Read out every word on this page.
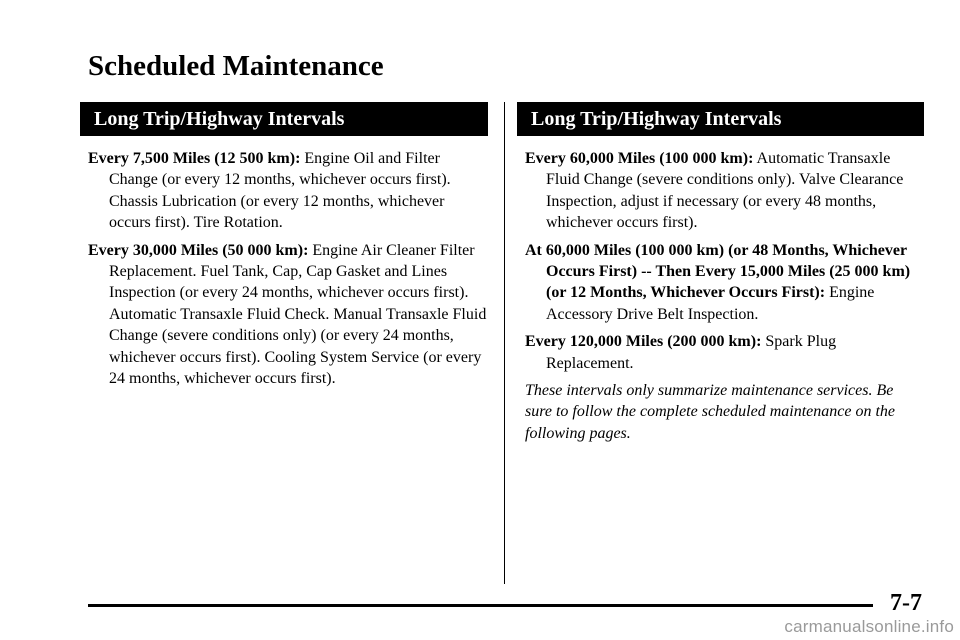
Scheduled Maintenance
Long Trip/Highway Intervals

Every 7,500 Miles (12 500 km): Engine Oil and Filter Change (or every 12 months, whichever occurs first). Chassis Lubrication (or every 12 months, whichever occurs first). Tire Rotation.

Every 30,000 Miles (50 000 km): Engine Air Cleaner Filter Replacement. Fuel Tank, Cap, Cap Gasket and Lines Inspection (or every 24 months, whichever occurs first). Automatic Transaxle Fluid Check. Manual Transaxle Fluid Change (severe conditions only) (or every 24 months, whichever occurs first). Cooling System Service (or every 24 months, whichever occurs first).

Long Trip/Highway Intervals

Every 60,000 Miles (100 000 km): Automatic Transaxle Fluid Change (severe conditions only). Valve Clearance Inspection, adjust if necessary (or every 48 months, whichever occurs first).

At 60,000 Miles (100 000 km) (or 48 Months, Whichever Occurs First) -- Then Every 15,000 Miles (25 000 km) (or 12 Months, Whichever Occurs First): Engine Accessory Drive Belt Inspection.

Every 120,000 Miles (200 000 km): Spark Plug Replacement.

These intervals only summarize maintenance services. Be sure to follow the complete scheduled maintenance on the following pages.

7-7
carmanualsonline.info
